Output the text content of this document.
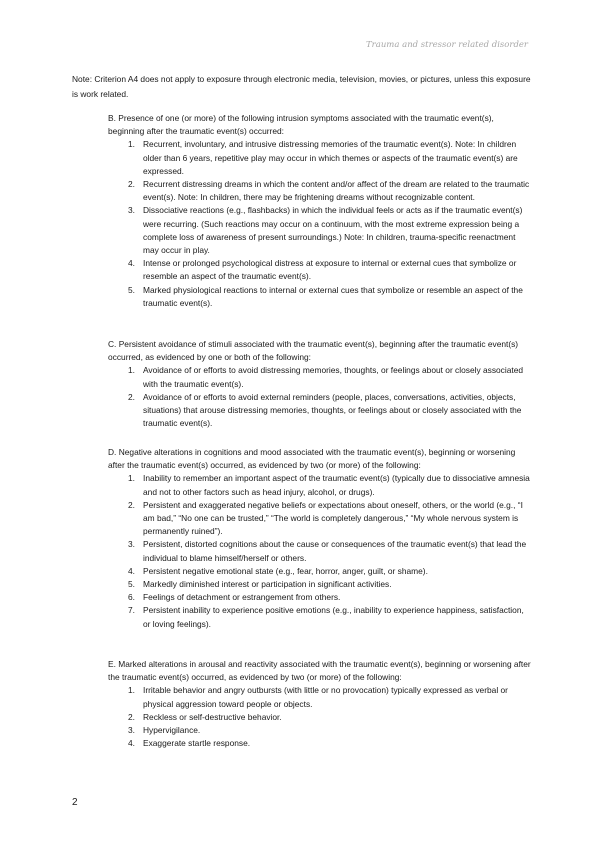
Trauma and stressor related disorder

Note: Criterion A4 does not apply to exposure through electronic media, television, movies, or pictures, unless this exposure is work related.

B. Presence of one (or more) of the following intrusion symptoms associated with the traumatic event(s), beginning after the traumatic event(s) occurred:

1. Recurrent, involuntary, and intrusive distressing memories of the traumatic event(s). Note: In children older than 6 years, repetitive play may occur in which themes or aspects of the traumatic event(s) are expressed.
2. Recurrent distressing dreams in which the content and/or affect of the dream are related to the traumatic event(s). Note: In children, there may be frightening dreams without recognizable content.
3. Dissociative reactions (e.g., flashbacks) in which the individual feels or acts as if the traumatic event(s) were recurring. (Such reactions may occur on a continuum, with the most extreme expression being a complete loss of awareness of present surroundings.) Note: In children, trauma-specific reenactment may occur in play.
4. Intense or prolonged psychological distress at exposure to internal or external cues that symbolize or resemble an aspect of the traumatic event(s).
5. Marked physiological reactions to internal or external cues that symbolize or resemble an aspect of the traumatic event(s).

C. Persistent avoidance of stimuli associated with the traumatic event(s), beginning after the traumatic event(s) occurred, as evidenced by one or both of the following:

1. Avoidance of or efforts to avoid distressing memories, thoughts, or feelings about or closely associated with the traumatic event(s).
2. Avoidance of or efforts to avoid external reminders (people, places, conversations, activities, objects, situations) that arouse distressing memories, thoughts, or feelings about or closely associated with the traumatic event(s).

D. Negative alterations in cognitions and mood associated with the traumatic event(s), beginning or worsening after the traumatic event(s) occurred, as evidenced by two (or more) of the following:

1. Inability to remember an important aspect of the traumatic event(s) (typically due to dissociative amnesia and not to other factors such as head injury, alcohol, or drugs).
2. Persistent and exaggerated negative beliefs or expectations about oneself, others, or the world (e.g., “I am bad,” “No one can be trusted,” “The world is completely dangerous,” “My whole nervous system is permanently ruined”).
3. Persistent, distorted cognitions about the cause or consequences of the traumatic event(s) that lead the individual to blame himself/herself or others.
4. Persistent negative emotional state (e.g., fear, horror, anger, guilt, or shame).
5. Markedly diminished interest or participation in significant activities.
6. Feelings of detachment or estrangement from others.
7. Persistent inability to experience positive emotions (e.g., inability to experience happiness, satisfaction, or loving feelings).

E. Marked alterations in arousal and reactivity associated with the traumatic event(s), beginning or worsening after the traumatic event(s) occurred, as evidenced by two (or more) of the following:

1. Irritable behavior and angry outbursts (with little or no provocation) typically expressed as verbal or physical aggression toward people or objects.
2. Reckless or self-destructive behavior.
3. Hypervigilance.
4. Exaggerate startle response.
2
